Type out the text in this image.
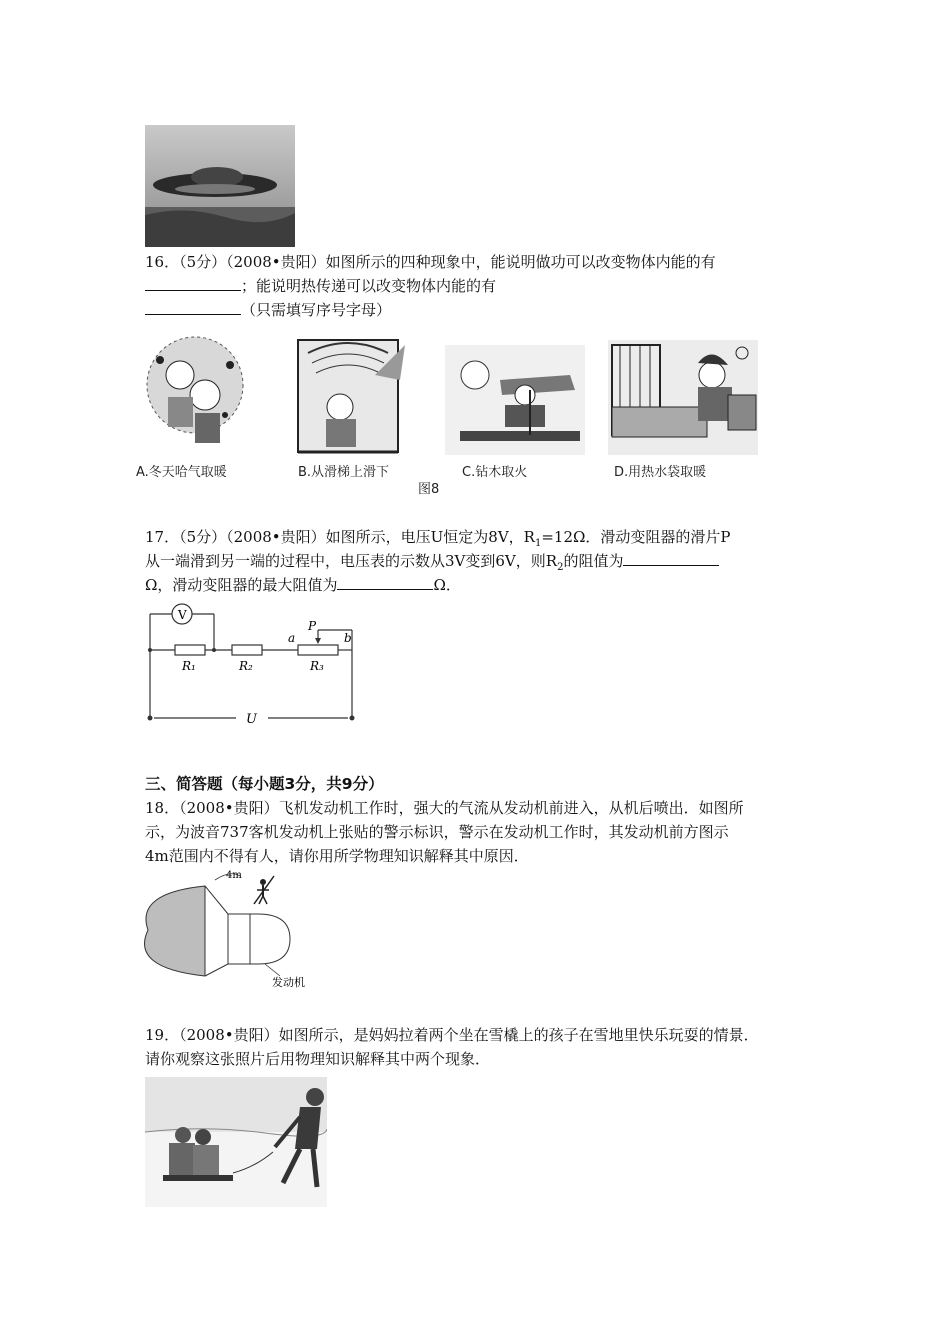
16．（5分）（2008•贵阳）如图所示的四种现象中，能说明做功可以改变物体内能的有
；能说明热传递可以改变物体内能的有
（只需填写序号字母）
A.冬天哈气取暖	B.从滑梯上滑下	C.钻木取火	D.用热水袋取暖
图8
17．（5分）（2008•贵阳）如图所示，电压U恒定为8V，$R_1=12\Omega$．滑动变阻器的滑片P
从一端滑到另一端的过程中，电压表的示数从3V变到6V，则$R_2$的阻值为
Ω，滑动变阻器的最大阻值为	Ω．
V
R₁	R₂	R₃
a	b
P
U
三、简答题（每小题3分，共9分）
18．（2008•贵阳）飞机发动机工作时，强大的气流从发动机前进入，从机后喷出．如图所
示，为波音737客机发动机上张贴的警示标识，警示在发动机工作时，其发动机前方图示
4m范围内不得有人，请你用所学物理知识解释其中原因．
4m
发动机
19．（2008•贵阳）如图所示，是妈妈拉着两个坐在雪橇上的孩子在雪地里快乐玩耍的情景．
请你观察这张照片后用物理知识解释其中两个现象．
